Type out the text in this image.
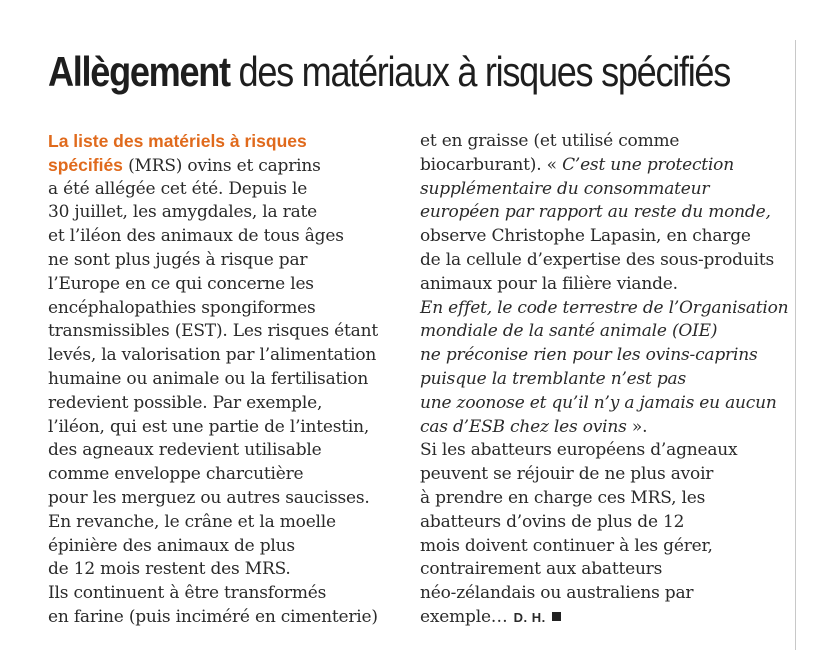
Allègement des matériaux à risques spécifiés
La liste des matériels à risques
spécifiés (MRS) ovins et caprins
a été allégée cet été. Depuis le
30 juillet, les amygdales, la rate
et l’iléon des animaux de tous âges
ne sont plus jugés à risque par
l’Europe en ce qui concerne les
encéphalopathies spongiformes
transmissibles (EST). Les risques étant
levés, la valorisation par l’alimentation
humaine ou animale ou la fertilisation
redevient possible. Par exemple,
l’iléon, qui est une partie de l’intestin,
des agneaux redevient utilisable
comme enveloppe charcutière
pour les merguez ou autres saucisses.
En revanche, le crâne et la moelle
épinière des animaux de plus
de 12 mois restent des MRS.
Ils continuent à être transformés
en farine (puis inciméré en cimenterie)
et en graisse (et utilisé comme
biocarburant). « C’est une protection
supplémentaire du consommateur
européen par rapport au reste du monde,
observe Christophe Lapasin, en charge
de la cellule d’expertise des sous-produits
animaux pour la filière viande.
En effet, le code terrestre de l’Organisation
mondiale de la santé animale (OIE)
ne préconise rien pour les ovins-caprins
puisque la tremblante n’est pas
une zoonose et qu’il n’y a jamais eu aucun
cas d’ESB chez les ovins ».
Si les abatteurs européens d’agneaux
peuvent se réjouir de ne plus avoir
à prendre en charge ces MRS, les
abatteurs d’ovins de plus de 12
mois doivent continuer à les gérer,
contrairement aux abatteurs
néo-zélandais ou australiens par
exemple… D. H.
